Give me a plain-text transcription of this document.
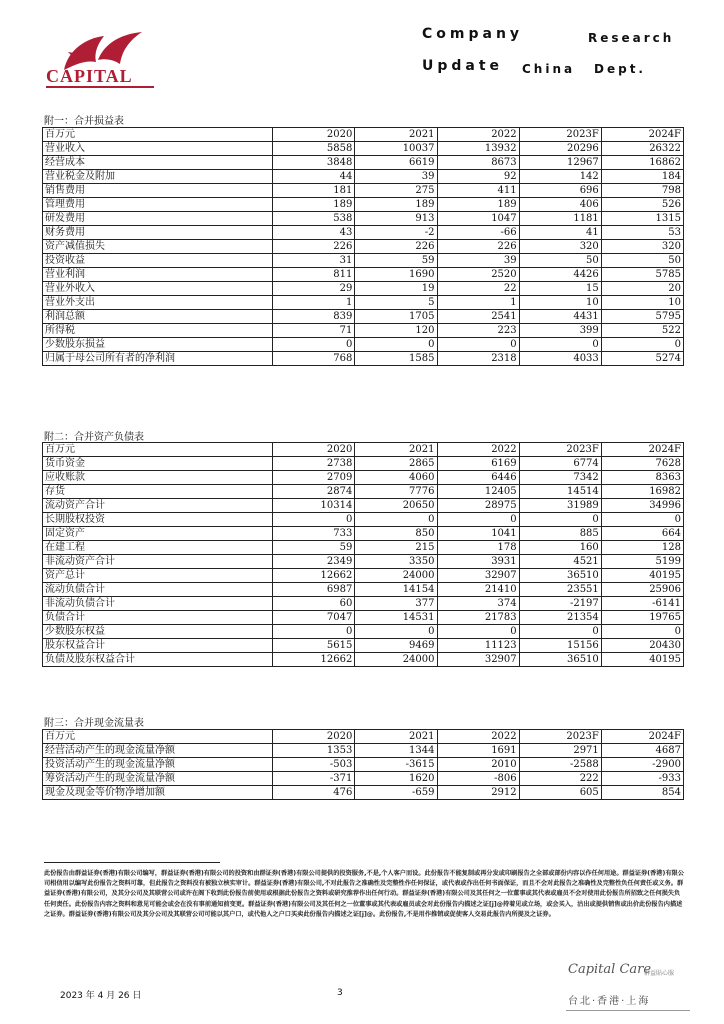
CAPITAL
Company	Research
Update China Dept.
附一：合并损益表
百万元	2020	2021	2022	2023F	2024F
营业收入	5858	10037	13932	20296	26322
经营成本	3848	6619	8673	12967	16862
营业税金及附加	44	39	92	142	184
销售费用	181	275	411	696	798
管理费用	189	189	189	406	526
研发费用	538	913	1047	1181	1315
财务费用	43	-2	-66	41	53
资产减值损失	226	226	226	320	320
投资收益	31	59	39	50	50
营业利润	811	1690	2520	4426	5785
营业外收入	29	19	22	15	20
营业外支出	1	5	1	10	10
利润总额	839	1705	2541	4431	5795
所得税	71	120	223	399	522
少数股东损益	0	0	0	0	0
归属于母公司所有者的净利润	768	1585	2318	4033	5274
附二：合并资产负债表
百万元	2020	2021	2022	2023F	2024F
货币资金	2738	2865	6169	6774	7628
应收账款	2709	4060	6446	7342	8363
存货	2874	7776	12405	14514	16982
流动资产合计	10314	20650	28975	31989	34996
长期股权投资	0	0	0	0	0
固定资产	733	850	1041	885	664
在建工程	59	215	178	160	128
非流动资产合计	2349	3350	3931	4521	5199
资产总计	12662	24000	32907	36510	40195
流动负债合计	6987	14154	21410	23551	25906
非流动负债合计	60	377	374	-2197	-6141
负债合计	7047	14531	21783	21354	19765
少数股东权益	0	0	0	0	0
股东权益合计	5615	9469	11123	15156	20430
负债及股东权益合计	12662	24000	32907	36510	40195
附三：合并现金流量表
百万元	2020	2021	2022	2023F	2024F
经营活动产生的现金流量净额	1353	1344	1691	2971	4687
投资活动产生的现金流量净额	-503	-3615	2010	-2588	-2900
筹资活动产生的现金流量净额	-371	1620	-806	222	-933
现金及现金等价物净增加额	476	-659	2912	605	854
此份报告由群益证券(香港)有限公司编写，群益证券(香港)有限公司的投资和由群证券(香港)有限公司提供的投资服务,不是,个人客户而设。此份报告不能复制或再分发或印刷报告之全部或部份内容以作任何用途。群益证券(香港)有限公司相信用以编写此份报告之资料可靠，但此报告之资料没有被独立核实审计。群益证券(香港)有限公司,不对此报告之准确性及完整性作任何保证，或代表或作出任何书面保证，而且不会对此报告之准确性及完整性负任何责任或义务。群益证券(香港)有限公司，及其分公司及其联营公司或许在阁下收到此份报告前使用或根据此份报告之资料或研究推荐作出任何行动。群益证券(香港)有限公司及其任何之一位董事或其代表或雇员不会对使用此份报告所招致之任何损失负任何责任。此份报告内容之资料和意见可能会或会在没有事前通知前变更。群益证券(香港)有限公司及其任何之一位董事或其代表或雇员或会对此份报告内描述之证[j]@持着见或立场，或会买入，沽出或提供销售或出价此份报告内描述之证券。群益证券(香港)有限公司及其分公司及其联营公司可能以其户口，或代他人之户口买卖此份报告内描述之证[j]@。此份报告,不是用作推销或促使客人交易此报告内所提及之证券。
2023 年 4 月 26 日	3
Capital Care
群益貼心服
台北·香港·上海
